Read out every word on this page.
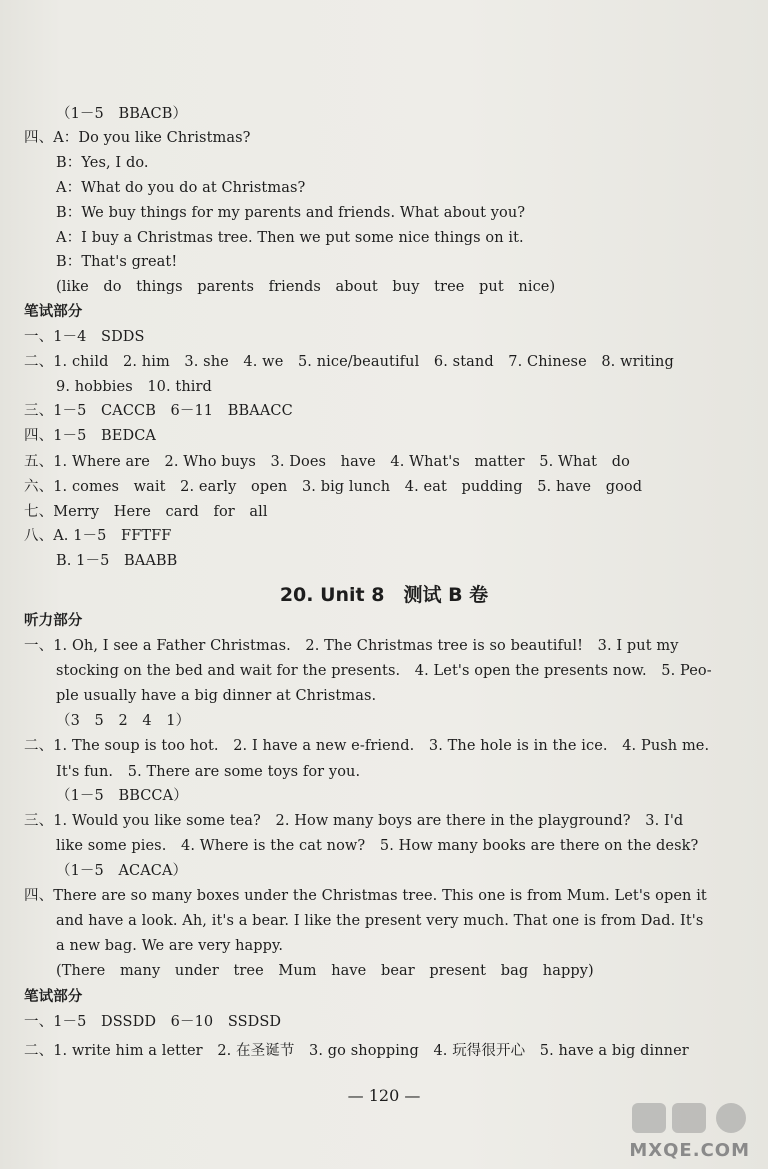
（1－5　BBACB）
四、A：Do you like Christmas?
B：Yes, I do.
A：What do you do at Christmas?
B：We buy things for my parents and friends. What about you?
A：I buy a Christmas tree. Then we put some nice things on it.
B：That's great!
(like　do　things　parents　friends　about　buy　tree　put　nice)
笔试部分
一、1－4　SDDS
二、1. child　2. him　3. she　4. we　5. nice/beautiful　6. stand　7. Chinese　8. writing
9. hobbies　10. third
三、1－5　CACCB　6－11　BBAACC
四、1－5　BEDCA
五、1. Where are　2. Who buys　3. Does　have　4. What's　matter　5. What　do
六、1. comes　wait　2. early　open　3. big lunch　4. eat　pudding　5. have　good
七、Merry　Here　card　for　all
八、A. 1－5　FFTFF
B. 1－5　BAABB
20. Unit 8　测试 B 卷
听力部分
一、1. Oh, I see a Father Christmas.　2. The Christmas tree is so beautiful!　3. I put my
stocking on the bed and wait for the presents.　4. Let's open the presents now.　5. Peo-
ple usually have a big dinner at Christmas.
（3　5　2　4　1）
二、1. The soup is too hot.　2. I have a new e-friend.　3. The hole is in the ice.　4. Push me.
It's fun.　5. There are some toys for you.
（1－5　BBCCA）
三、1. Would you like some tea?　2. How many boys are there in the playground?　3. I'd
like some pies.　4. Where is the cat now?　5. How many books are there on the desk?
（1－5　ACACA）
四、There are so many boxes under the Christmas tree. This one is from Mum. Let's open it
and have a look. Ah, it's a bear. I like the present very much. That one is from Dad. It's
a new bag. We are very happy.
(There　many　under　tree　Mum　have　bear　present　bag　happy)
笔试部分
一、1－5　DSSDD　6－10　SSDSD
二、1. write him a letter　2. 在圣诞节　3. go shopping　4. 玩得很开心　5. have a big dinner
— 120 —
MXQE.COM
